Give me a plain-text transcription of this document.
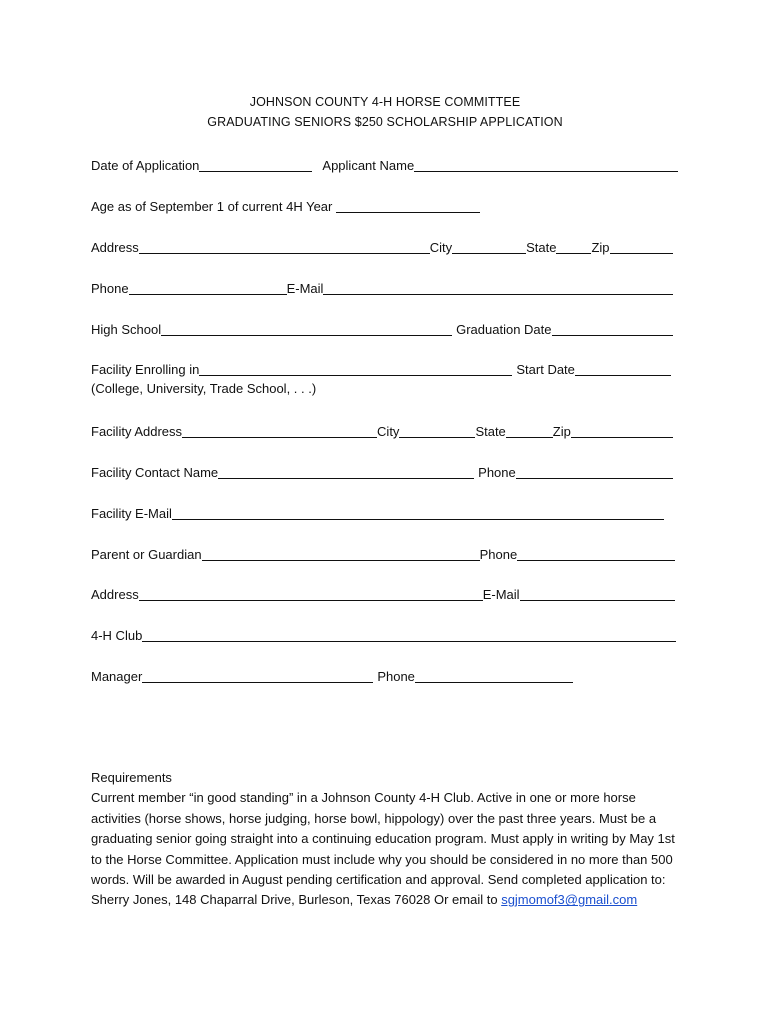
JOHNSON COUNTY 4-H HORSE COMMITTEE
GRADUATING SENIORS $250 SCHOLARSHIP APPLICATION
Date of Application	Applicant Name
Age as of September 1 of current 4H Year
Address	City	State	Zip
Phone	E-Mail
High School	Graduation Date
Facility Enrolling in	Start Date
(College, University, Trade School, . . .)
Facility Address	City	State	Zip
Facility Contact Name	Phone
Facility E-Mail
Parent or Guardian	Phone
Address	E-Mail
4-H Club
Manager	Phone
Requirements
Current member “in good standing” in a Johnson County 4-H Club. Active in one or more horse activities (horse shows, horse judging, horse bowl, hippology) over the past three years. Must be a graduating senior going straight into a continuing education program. Must apply in writing by May 1st to the Horse Committee. Application must include why you should be considered in no more than 500 words. Will be awarded in August pending certification and approval. Send completed application to: Sherry Jones, 148 Chaparral Drive, Burleson, Texas 76028 Or email to sgjmomof3@gmail.com
